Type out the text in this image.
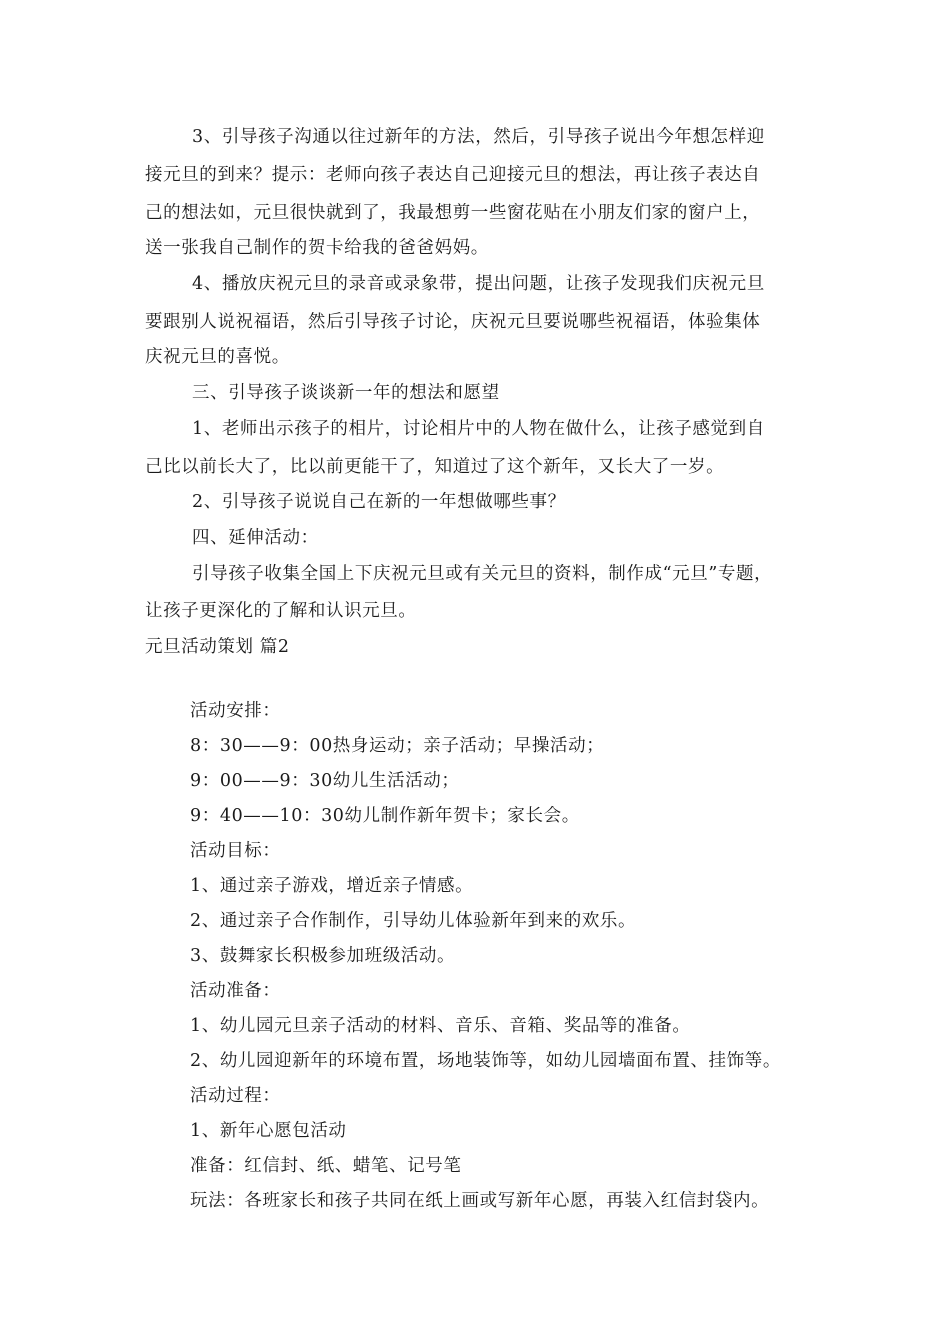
3、引导孩子沟通以往过新年的方法，然后，引导孩子说出今年想怎样迎
接元旦的到来？提示：老师向孩子表达自己迎接元旦的想法，再让孩子表达自
己的想法如，元旦很快就到了，我最想剪一些窗花贴在小朋友们家的窗户上，
送一张我自己制作的贺卡给我的爸爸妈妈。
4、播放庆祝元旦的录音或录象带，提出问题，让孩子发现我们庆祝元旦
要跟别人说祝福语，然后引导孩子讨论，庆祝元旦要说哪些祝福语，体验集体
庆祝元旦的喜悦。
三、引导孩子谈谈新一年的想法和愿望
1、老师出示孩子的相片，讨论相片中的人物在做什么，让孩子感觉到自
己比以前长大了，比以前更能干了，知道过了这个新年，又长大了一岁。
2、引导孩子说说自己在新的一年想做哪些事？
四、延伸活动：
引导孩子收集全国上下庆祝元旦或有关元旦的资料，制作成“元旦”专题，
让孩子更深化的了解和认识元旦。
元旦活动策划 篇2
活动安排：
8：30——9：00热身运动；亲子活动；早操活动；
9：00——9：30幼儿生活活动；
9：40——10：30幼儿制作新年贺卡；家长会。
活动目标：
1、通过亲子游戏，增近亲子情感。
2、通过亲子合作制作，引导幼儿体验新年到来的欢乐。
3、鼓舞家长积极参加班级活动。
活动准备：
1、幼儿园元旦亲子活动的材料、音乐、音箱、奖品等的准备。
2、幼儿园迎新年的环境布置，场地装饰等，如幼儿园墙面布置、挂饰等。
活动过程：
1、新年心愿包活动
准备：红信封、纸、蜡笔、记号笔
玩法：各班家长和孩子共同在纸上画或写新年心愿，再装入红信封袋内。
